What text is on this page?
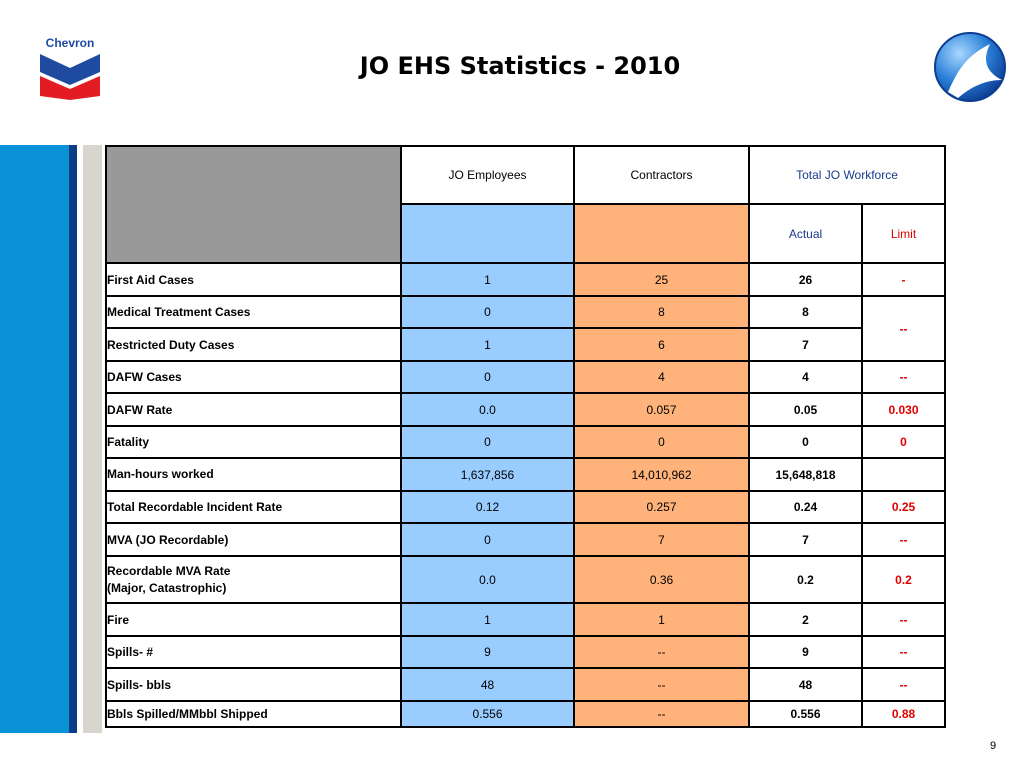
Chevron
JO EHS Statistics - 2010
	JO Employees	Contractors	Total JO Workforce	
			Actual	Limit
First Aid Cases	1	25	26	-
Medical Treatment Cases	0	8	8	--
Restricted Duty Cases	1	6	7	
DAFW Cases	0	4	4	--
DAFW Rate	0.0	0.057	0.05	0.030
Fatality	0	0	0	0
Man-hours worked	1,637,856	14,010,962	15,648,818	
Total Recordable Incident Rate	0.12	0.257	0.24	0.25
MVA (JO Recordable)	0	7	7	--
Recordable MVA Rate
(Major, Catastrophic)	0.0	0.36	0.2	0.2
Fire	1	1	2	--
Spills- #	9	--	9	--
Spills- bbls	48	--	48	--
Bbls Spilled/MMbbl Shipped	0.556	--	0.556	0.88
9
